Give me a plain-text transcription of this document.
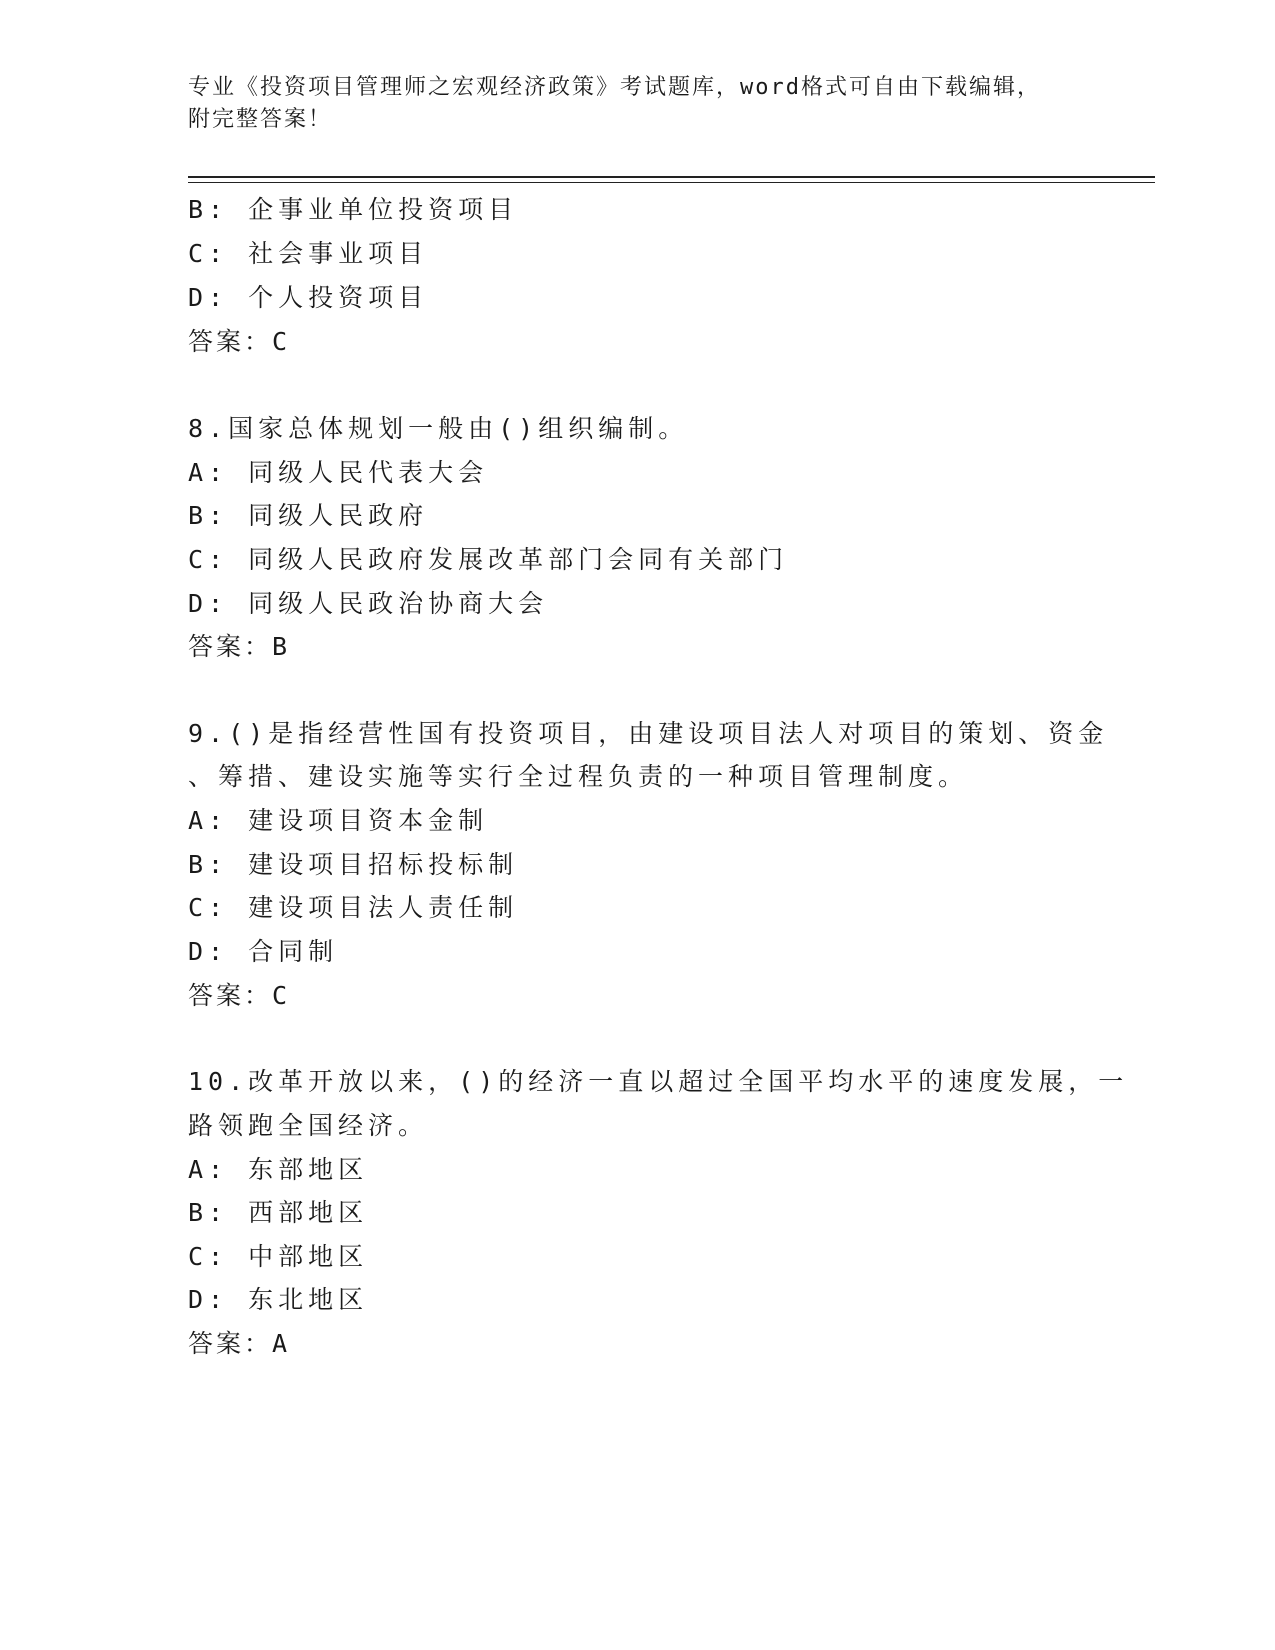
专业《投资项目管理师之宏观经济政策》考试题库，word格式可自由下载编辑，
附完整答案！
B: 企事业单位投资项目
C: 社会事业项目
D: 个人投资项目
答案：C
8.国家总体规划一般由()组织编制。
A: 同级人民代表大会
B: 同级人民政府
C: 同级人民政府发展改革部门会同有关部门
D: 同级人民政治协商大会
答案：B
9.()是指经营性国有投资项目，由建设项目法人对项目的策划、资金
、筹措、建设实施等实行全过程负责的一种项目管理制度。
A: 建设项目资本金制
B: 建设项目招标投标制
C: 建设项目法人责任制
D: 合同制
答案：C
10.改革开放以来，()的经济一直以超过全国平均水平的速度发展，一
路领跑全国经济。
A: 东部地区
B: 西部地区
C: 中部地区
D: 东北地区
答案：A
